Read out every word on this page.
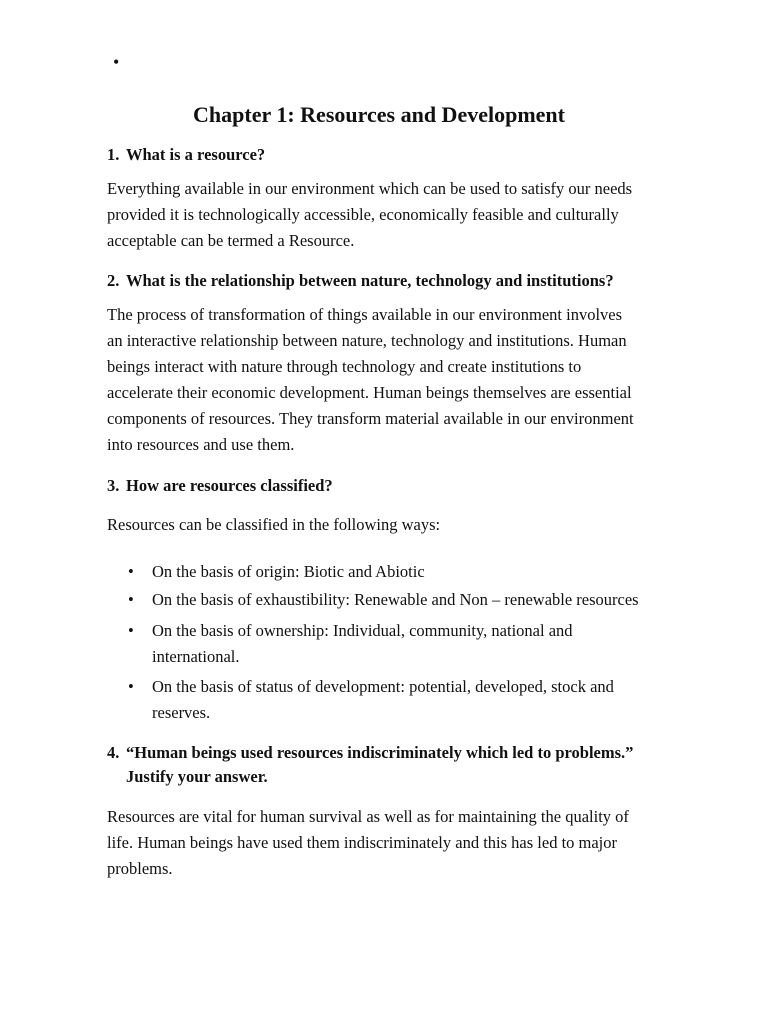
•
Chapter 1: Resources and Development
1. What is a resource?
Everything available in our environment which can be used to satisfy our needs
provided it is technologically accessible, economically feasible and culturally
acceptable can be termed a Resource.
2. What is the relationship between nature, technology and institutions?
The process of transformation of things available in our environment involves
an interactive relationship between nature, technology and institutions. Human
beings interact with nature through technology and create institutions to
accelerate their economic development. Human beings themselves are essential
components of resources. They transform material available in our environment
into resources and use them.
3. How are resources classified?
Resources can be classified in the following ways:
• On the basis of origin: Biotic and Abiotic
• On the basis of exhaustibility: Renewable and Non – renewable resources
• On the basis of ownership: Individual, community, national and
international.
• On the basis of status of development: potential, developed, stock and
reserves.
4. “Human beings used resources indiscriminately which led to problems.”
Justify your answer.
Resources are vital for human survival as well as for maintaining the quality of
life. Human beings have used them indiscriminately and this has led to major
problems.
